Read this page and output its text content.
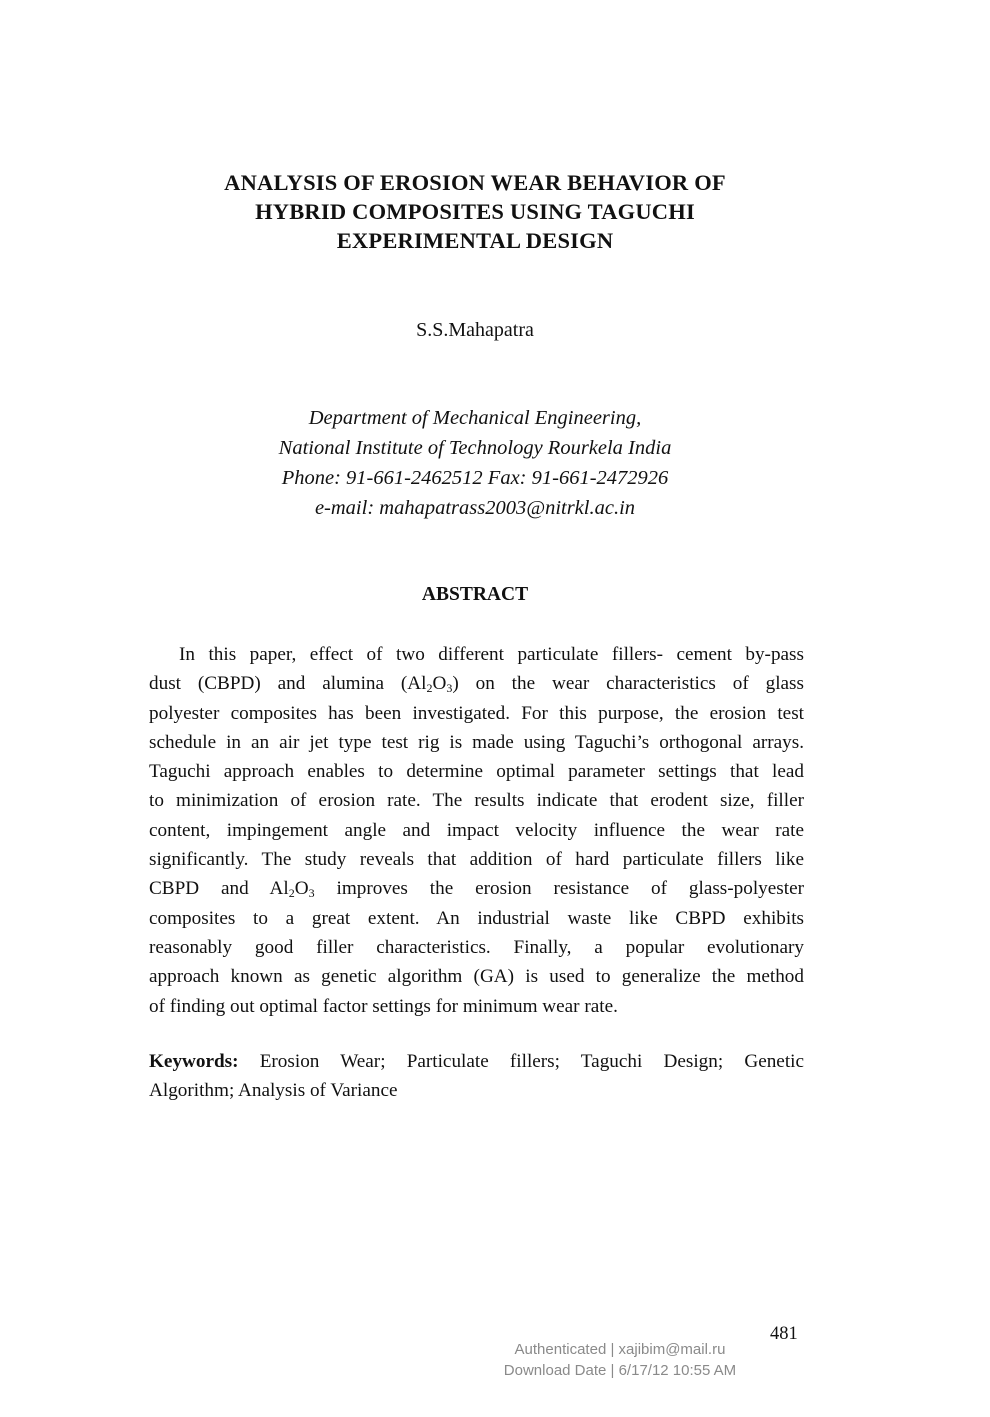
ANALYSIS OF EROSION WEAR BEHAVIOR OF
HYBRID COMPOSITES USING TAGUCHI
EXPERIMENTAL DESIGN
S.S.Mahapatra
Department of Mechanical Engineering,
National Institute of Technology Rourkela India
Phone: 91-661-2462512 Fax: 91-661-2472926
e-mail: mahapatrass2003@nitrkl.ac.in
ABSTRACT
In this paper, effect of two different particulate fillers- cement by-pass
dust (CBPD) and alumina $(Al_2O_3)$ on the wear characteristics of glass
polyester composites has been investigated. For this purpose, the erosion test
schedule in an air jet type test rig is made using Taguchi’s orthogonal arrays.
Taguchi approach enables to determine optimal parameter settings that lead
to minimization of erosion rate. The results indicate that erodent size, filler
content, impingement angle and impact velocity influence the wear rate
significantly. The study reveals that addition of hard particulate fillers like
CBPD and $Al_2O_3$ improves the erosion resistance of glass-polyester
composites to a great extent. An industrial waste like CBPD exhibits
reasonably good filler characteristics. Finally, a popular evolutionary
approach known as genetic algorithm (GA) is used to generalize the method
of finding out optimal factor settings for minimum wear rate.
Keywords: Erosion Wear; Particulate fillers; Taguchi Design; Genetic
Algorithm; Analysis of Variance
481
Authenticated | xajibim@mail.ru
Download Date | 6/17/12 10:55 AM
